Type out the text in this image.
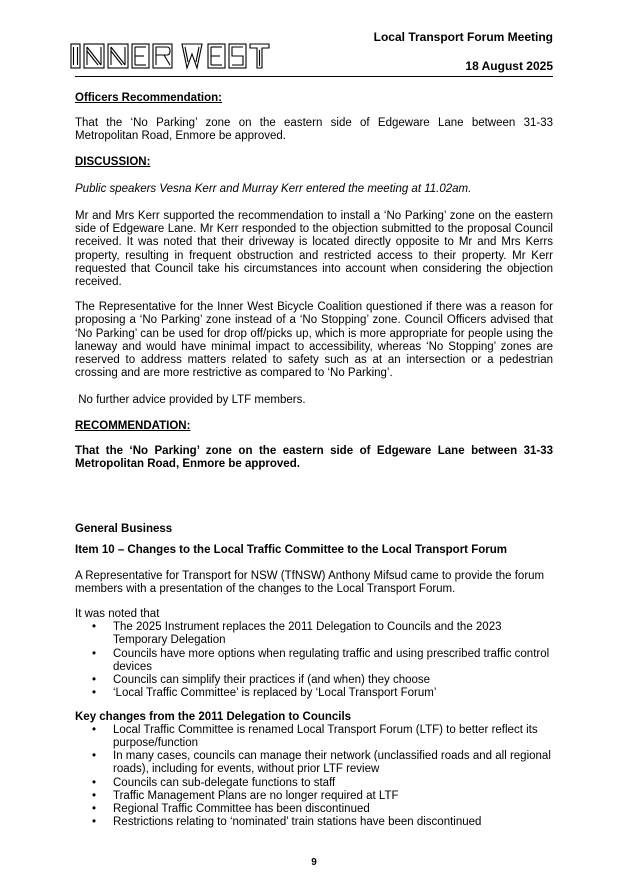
Local Transport Forum Meeting
18 August 2025

Officers Recommendation:

That the ‘No Parking’ zone on the eastern side of Edgeware Lane between 31-33 Metropolitan Road, Enmore be approved.

DISCUSSION:

Public speakers Vesna Kerr and Murray Kerr entered the meeting at 11.02am.

Mr and Mrs Kerr supported the recommendation to install a ‘No Parking’ zone on the eastern side of Edgeware Lane. Mr Kerr responded to the objection submitted to the proposal Council received. It was noted that their driveway is located directly opposite to Mr and Mrs Kerrs property, resulting in frequent obstruction and restricted access to their property. Mr Kerr requested that Council take his circumstances into account when considering the objection received.

The Representative for the Inner West Bicycle Coalition questioned if there was a reason for proposing a ‘No Parking’ zone instead of a ‘No Stopping’ zone. Council Officers advised that ‘No Parking’ can be used for drop off/picks up, which is more appropriate for people using the laneway and would have minimal impact to accessibility, whereas ‘No Stopping’ zones are reserved to address matters related to safety such as at an intersection or a pedestrian crossing and are more restrictive as compared to ‘No Parking’.

No further advice provided by LTF members.

RECOMMENDATION:

That the ‘No Parking’ zone on the eastern side of Edgeware Lane between 31-33 Metropolitan Road, Enmore be approved.

General Business

Item 10 – Changes to the Local Traffic Committee to the Local Transport Forum

A Representative for Transport for NSW (TfNSW) Anthony Mifsud came to provide the forum members with a presentation of the changes to the Local Transport Forum.

It was noted that

• The 2025 Instrument replaces the 2011 Delegation to Councils and the 2023 Temporary Delegation
• Councils have more options when regulating traffic and using prescribed traffic control devices
• Councils can simplify their practices if (and when) they choose
• ‘Local Traffic Committee’ is replaced by ‘Local Transport Forum’

Key changes from the 2011 Delegation to Councils

• Local Traffic Committee is renamed Local Transport Forum (LTF) to better reflect its purpose/function
• In many cases, councils can manage their network (unclassified roads and all regional roads), including for events, without prior LTF review
• Councils can sub-delegate functions to staff
• Traffic Management Plans are no longer required at LTF
• Regional Traffic Committee has been discontinued
• Restrictions relating to ‘nominated’ train stations have been discontinued
9
